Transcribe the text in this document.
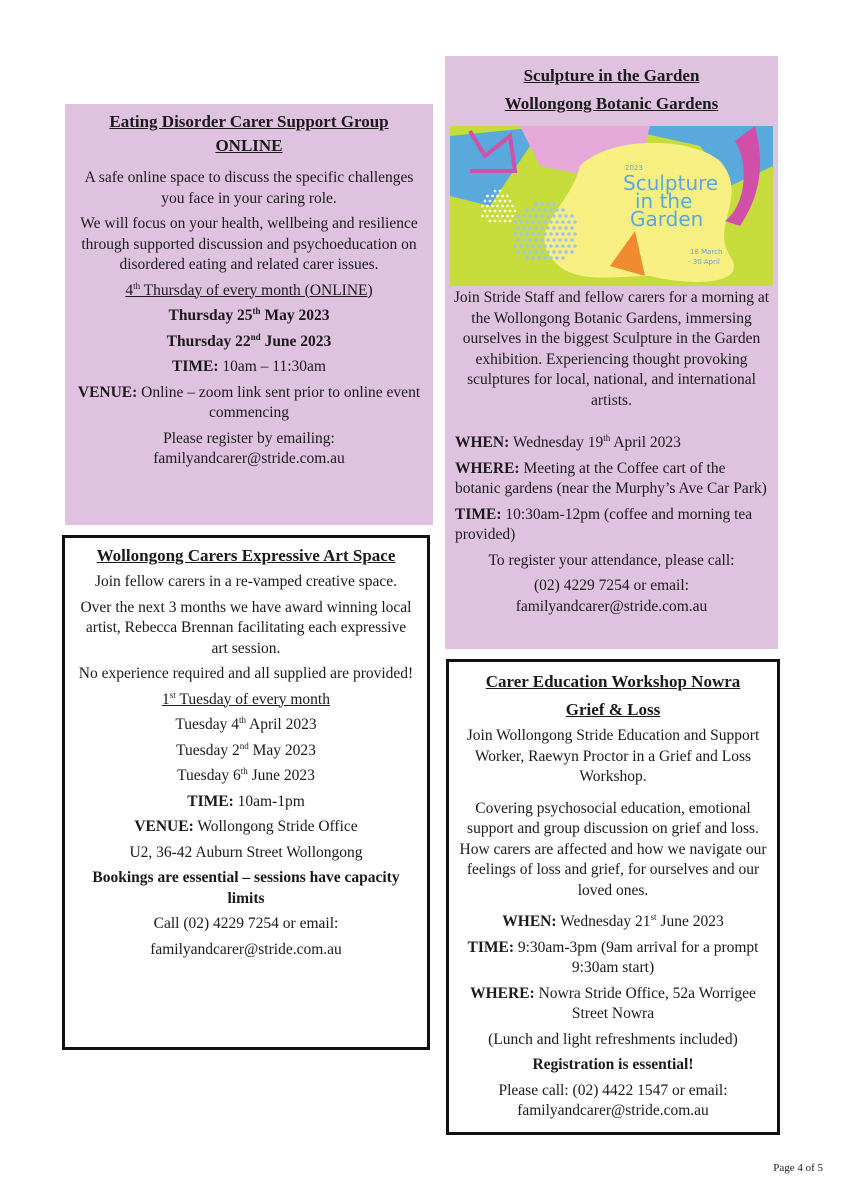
Eating Disorder Carer Support Group
ONLINE

A safe online space to discuss the specific challenges you face in your caring role.

We will focus on your health, wellbeing and resilience through supported discussion and psychoeducation on disordered eating and related carer issues.

4th Thursday of every month (ONLINE)

Thursday 25th May 2023

Thursday 22nd June 2023

TIME: 10am – 11:30am

VENUE: Online – zoom link sent prior to online event commencing

Please register by emailing:

familyandcarer@stride.com.au

Sculpture in the Garden
Wollongong Botanic Gardens
2023
Sculpture
in the
Garden
18 March
- 30 April

Join Stride Staff and fellow carers for a morning at the Wollongong Botanic Gardens, immersing ourselves in the biggest Sculpture in the Garden exhibition. Experiencing thought provoking sculptures for local, national, and international artists.

WHEN: Wednesday 19th April 2023

WHERE: Meeting at the Coffee cart of the botanic gardens (near the Murphy’s Ave Car Park)

TIME: 10:30am-12pm (coffee and morning tea provided)

To register your attendance, please call:

(02) 4229 7254 or email:

familyandcarer@stride.com.au

Wollongong Carers Expressive Art Space

Join fellow carers in a re-vamped creative space.

Over the next 3 months we have award winning local artist, Rebecca Brennan facilitating each expressive art session.

No experience required and all supplied are provided!

1st Tuesday of every month

Tuesday 4th April 2023

Tuesday 2nd May 2023

Tuesday 6th June 2023

TIME: 10am-1pm

VENUE: Wollongong Stride Office

U2, 36-42 Auburn Street Wollongong

Bookings are essential – sessions have capacity limits

Call (02) 4229 7254 or email:

familyandcarer@stride.com.au

Carer Education Workshop Nowra
Grief & Loss

Join Wollongong Stride Education and Support Worker, Raewyn Proctor in a Grief and Loss Workshop.

Covering psychosocial education, emotional support and group discussion on grief and loss. How carers are affected and how we navigate our feelings of loss and grief, for ourselves and our loved ones.

WHEN: Wednesday 21st June 2023

TIME: 9:30am-3pm (9am arrival for a prompt 9:30am start)

WHERE: Nowra Stride Office, 52a Worrigee Street Nowra

(Lunch and light refreshments included)

Registration is essential!

Please call: (02) 4422 1547 or email:

familyandcarer@stride.com.au

Page 4 of 5
